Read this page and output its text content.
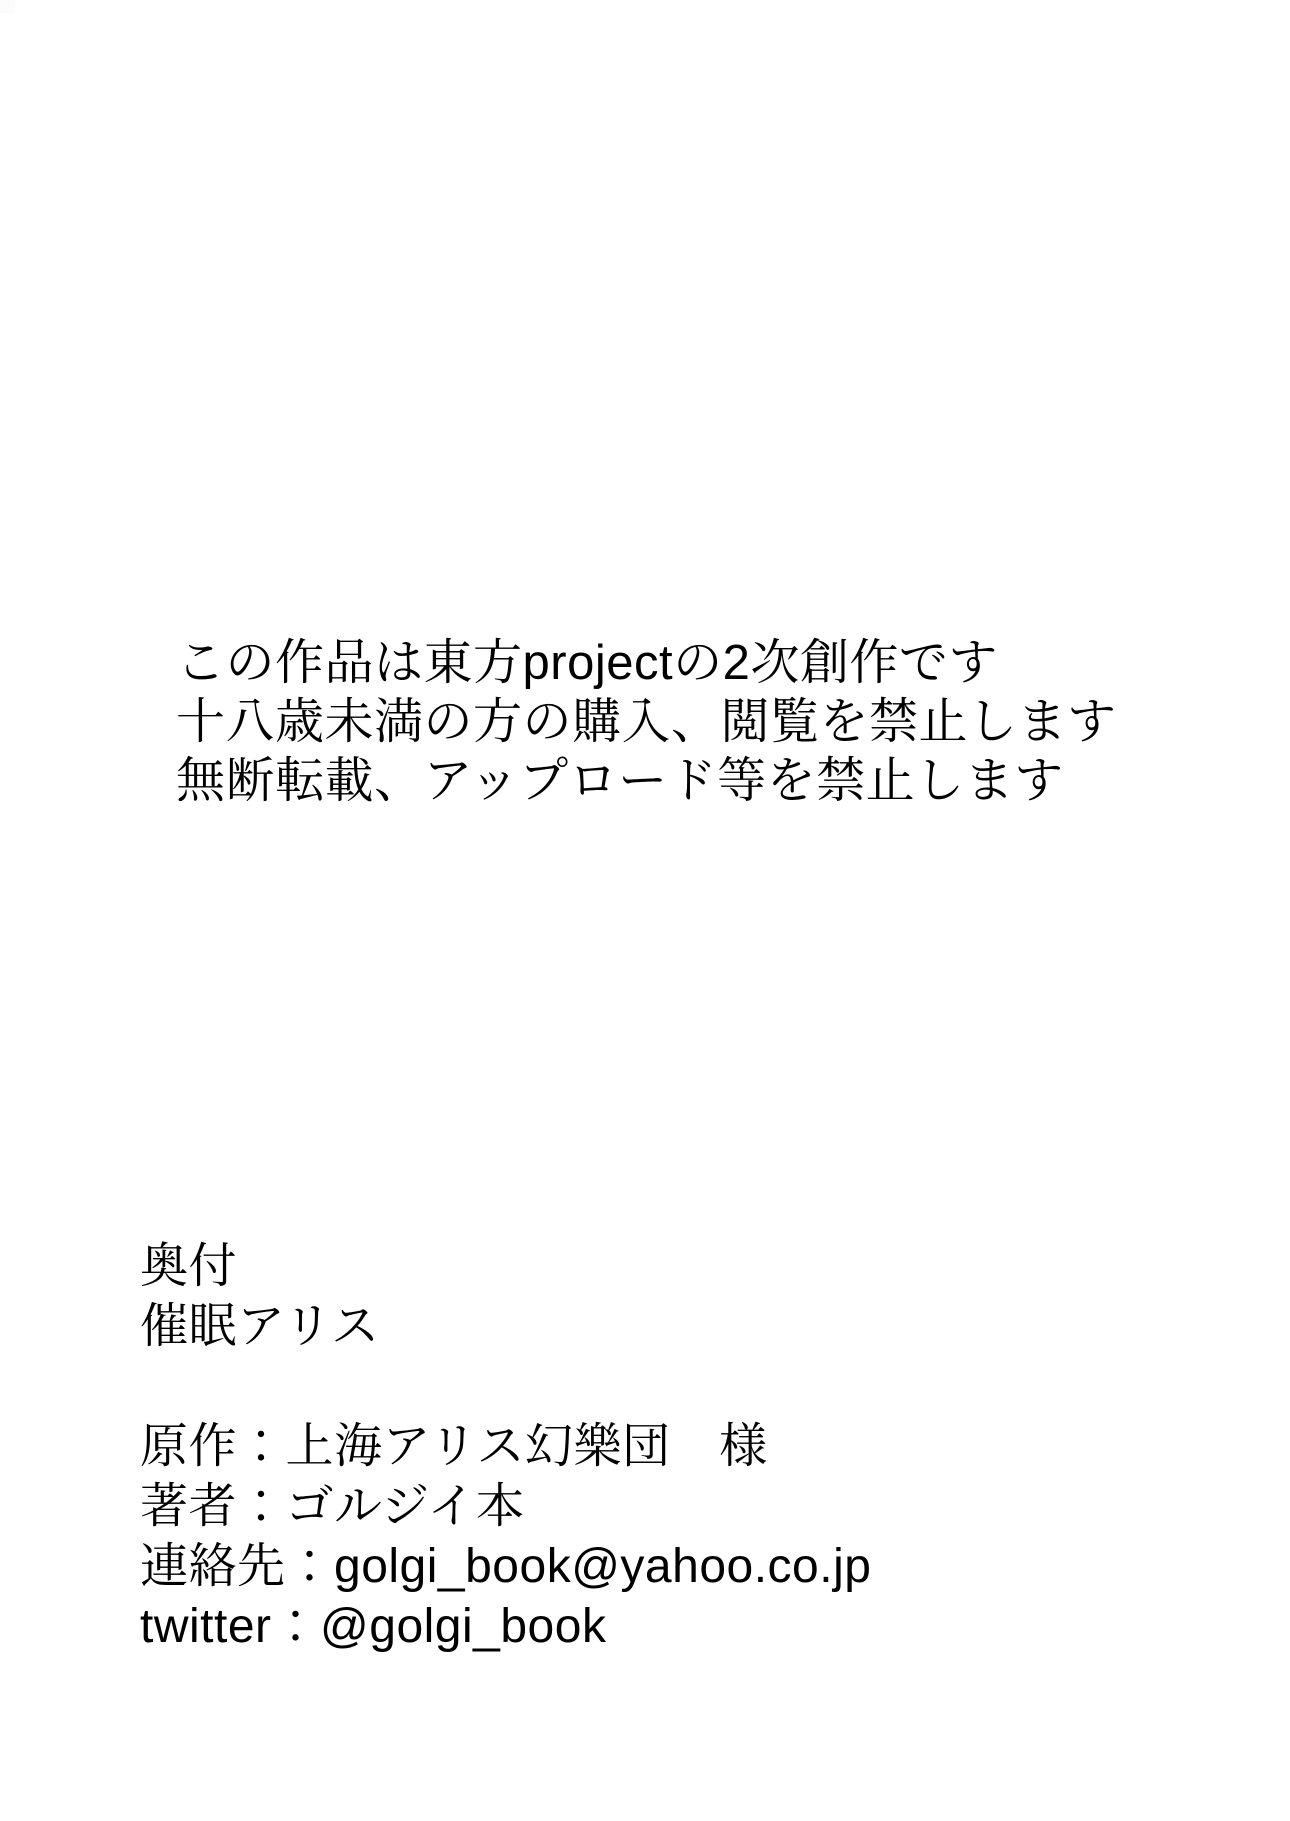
この作品は東方projectの2次創作です
十八歳未満の方の購入、閲覧を禁止します
無断転載、アップロード等を禁止します
奥付
催眠アリス
原作：上海アリス幻樂団　様
著者：ゴルジイ本
連絡先：golgi_book@yahoo.co.jp
twitter：@golgi_book
